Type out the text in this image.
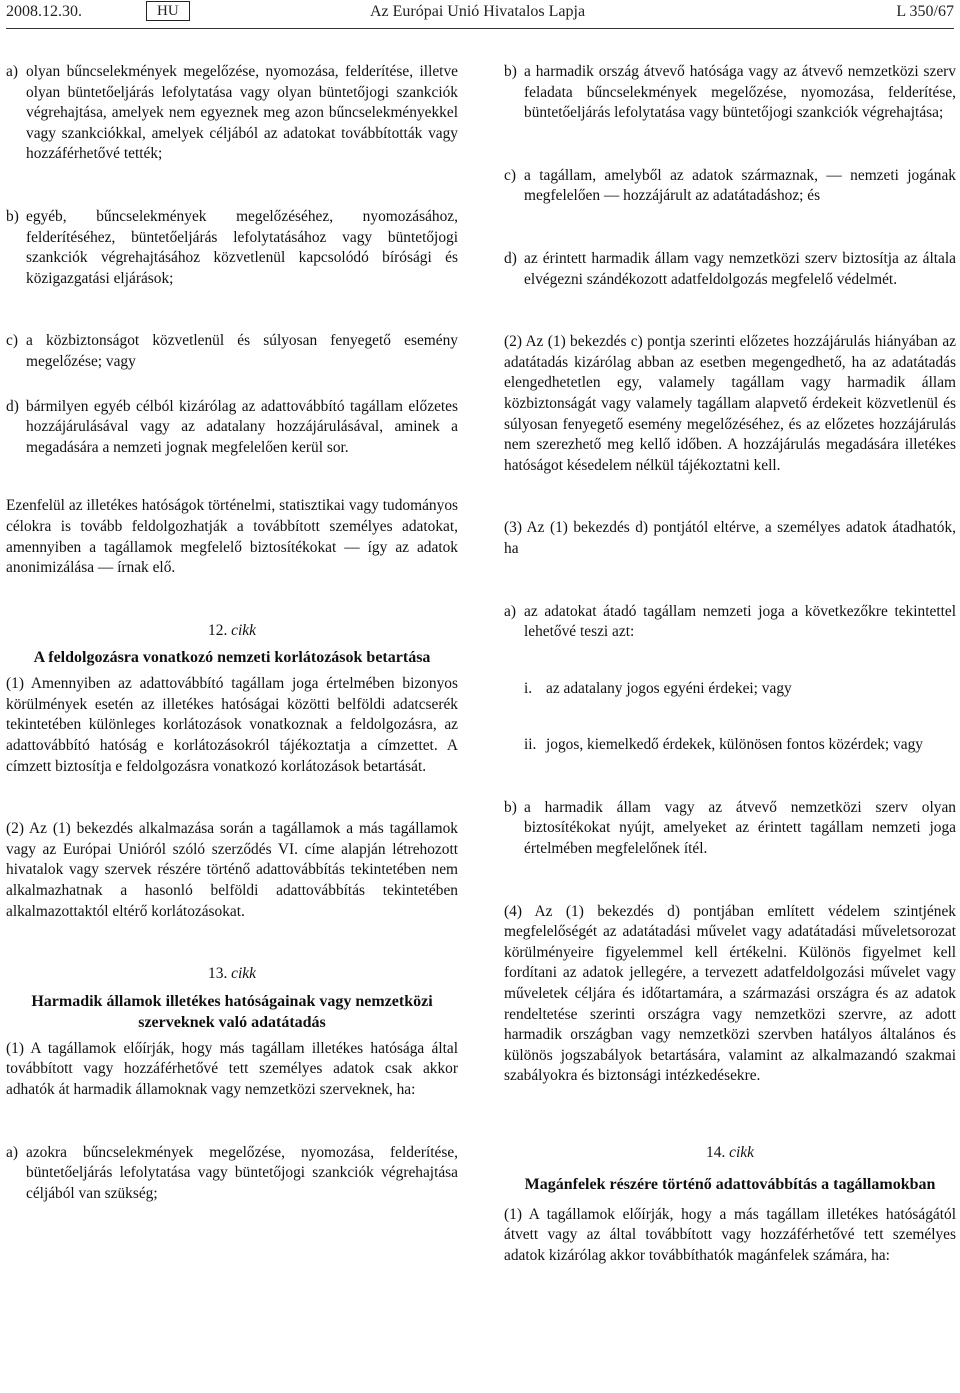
2008.12.30.	HU	Az Európai Unió Hivatalos Lapja	L 350/67
a) olyan bűncselekmények megelőzése, nyomozása, felderítése, illetve olyan büntetőeljárás lefolytatása vagy olyan büntetőjogi szankciók végrehajtása, amelyek nem egyeznek meg azon bűncselekményekkel vagy szankciókkal, amelyek céljából az adatokat továbbították vagy hozzáférhetővé tették;
b) egyéb, bűncselekmények megelőzéséhez, nyomozásához, felderítéséhez, büntetőeljárás lefolytatásához vagy büntetőjogi szankciók végrehajtásához közvetlenül kapcsolódó bírósági és közigazgatási eljárások;
c) a közbiztonságot közvetlenül és súlyosan fenyegető esemény megelőzése; vagy
d) bármilyen egyéb célból kizárólag az adattovábbító tagállam előzetes hozzájárulásával vagy az adatalany hozzájárulásával, aminek a megadására a nemzeti jognak megfelelően kerül sor.

Ezenfelül az illetékes hatóságok történelmi, statisztikai vagy tudományos célokra is tovább feldolgozhatják a továbbított személyes adatokat, amennyiben a tagállamok megfelelő biztosítékokat — így az adatok anonimizálása — írnak elő.

12. cikk
A feldolgozásra vonatkozó nemzeti korlátozások betartása

(1) Amennyiben az adattovábbító tagállam joga értelmében bizonyos körülmények esetén az illetékes hatóságai közötti belföldi adatcserék tekintetében különleges korlátozások vonatkoznak a feldolgozásra, az adattovábbító hatóság e korlátozásokról tájékoztatja a címzettet. A címzett biztosítja e feldolgozásra vonatkozó korlátozások betartását.

(2) Az (1) bekezdés alkalmazása során a tagállamok a más tagállamok vagy az Európai Unióról szóló szerződés VI. címe alapján létrehozott hivatalok vagy szervek részére történő adattovábbítás tekintetében nem alkalmazhatnak a hasonló belföldi adattovábbítás tekintetében alkalmazottaktól eltérő korlátozásokat.

13. cikk
Harmadik államok illetékes hatóságainak vagy nemzetközi szerveknek való adatátadás

(1) A tagállamok előírják, hogy más tagállam illetékes hatósága által továbbított vagy hozzáférhetővé tett személyes adatok csak akkor adhatók át harmadik államoknak vagy nemzetközi szerveknek, ha:

a) azokra bűncselekmények megelőzése, nyomozása, felderítése, büntetőeljárás lefolytatása vagy büntetőjogi szankciók végrehajtása céljából van szükség;
b) a harmadik ország átvevő hatósága vagy az átvevő nemzetközi szerv feladata bűncselekmények megelőzése, nyomozása, felderítése, büntetőeljárás lefolytatása vagy büntetőjogi szankciók végrehajtása;
c) a tagállam, amelyből az adatok származnak, — nemzeti jogának megfelelően — hozzájárult az adatátadáshoz; és
d) az érintett harmadik állam vagy nemzetközi szerv biztosítja az általa elvégezni szándékozott adatfeldolgozás megfelelő védelmét.

(2) Az (1) bekezdés c) pontja szerinti előzetes hozzájárulás hiányában az adatátadás kizárólag abban az esetben megengedhető, ha az adatátadás elengedhetetlen egy, valamely tagállam vagy harmadik állam közbiztonságát vagy valamely tagállam alapvető érdekeit közvetlenül és súlyosan fenyegető esemény megelőzéséhez, és az előzetes hozzájárulás nem szerezhető meg kellő időben. A hozzájárulás megadására illetékes hatóságot késedelem nélkül tájékoztatni kell.

(3) Az (1) bekezdés d) pontjától eltérve, a személyes adatok átadhatók, ha

a) az adatokat átadó tagállam nemzeti joga a következőkre tekintettel lehetővé teszi azt:
i. az adatalany jogos egyéni érdekei; vagy
ii. jogos, kiemelkedő érdekek, különösen fontos közérdek; vagy
b) a harmadik állam vagy az átvevő nemzetközi szerv olyan biztosítékokat nyújt, amelyeket az érintett tagállam nemzeti joga értelmében megfelelőnek ítél.

(4) Az (1) bekezdés d) pontjában említett védelem szintjének megfelelőségét az adatátadási művelet vagy adatátadási műveletsorozat körülményeire figyelemmel kell értékelni. Különös figyelmet kell fordítani az adatok jellegére, a tervezett adatfeldolgozási művelet vagy műveletek céljára és időtartamára, a származási országra és az adatok rendeltetése szerinti országra vagy nemzetközi szervre, az adott harmadik országban vagy nemzetközi szervben hatályos általános és különös jogszabályok betartására, valamint az alkalmazandó szakmai szabályokra és biztonsági intézkedésekre.

14. cikk
Magánfelek részére történő adattovábbítás a tagállamokban

(1) A tagállamok előírják, hogy a más tagállam illetékes hatóságától átvett vagy az által továbbított vagy hozzáférhetővé tett személyes adatok kizárólag akkor továbbíthatók magánfelek számára, ha:
